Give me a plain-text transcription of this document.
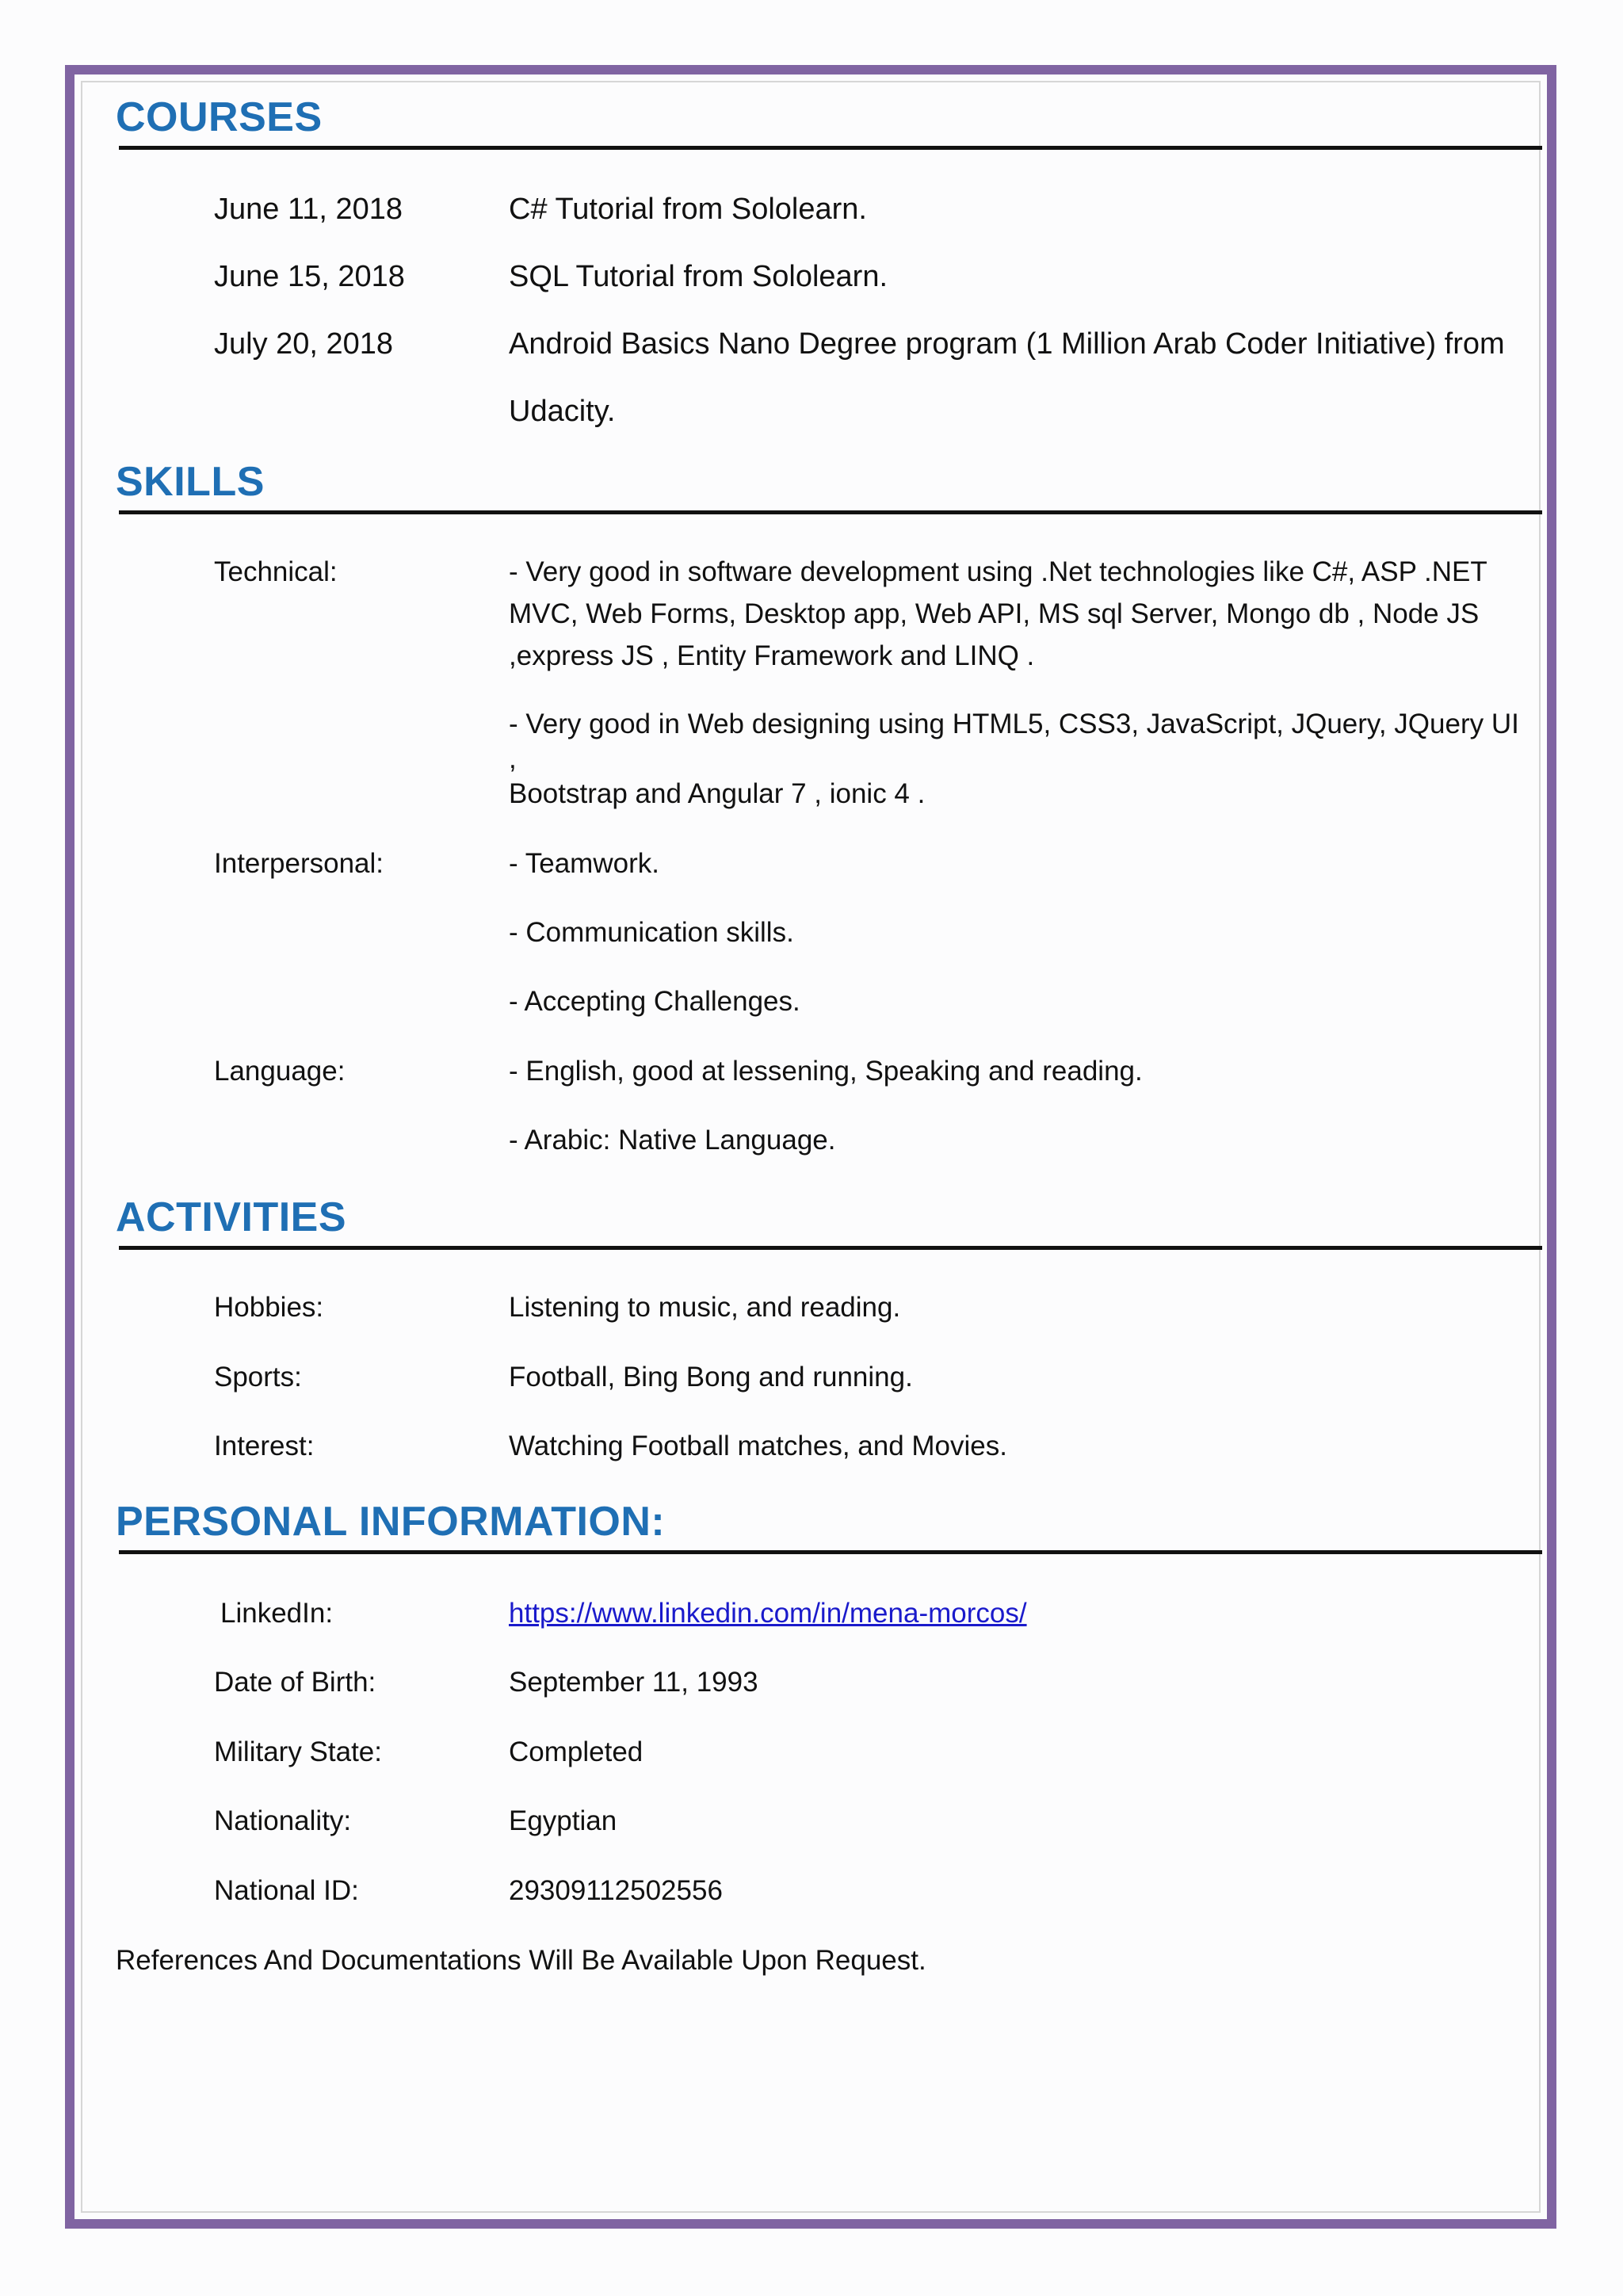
COURSES
June 11, 2018	C# Tutorial from Sololearn.
June 15, 2018	SQL Tutorial from Sololearn.
July 20, 2018	Android Basics Nano Degree program (1 Million Arab Coder Initiative) from
Udacity.
SKILLS
Technical:	- Very good in software development using .Net technologies like C#, ASP .NET
MVC, Web Forms, Desktop app, Web API, MS sql Server, Mongo db , Node JS
,express JS , Entity Framework and LINQ .
- Very good in Web designing using HTML5, CSS3, JavaScript, JQuery, JQuery UI ,
Bootstrap and Angular 7 , ionic 4 .
Interpersonal:	- Teamwork.
- Communication skills.
- Accepting Challenges.
Language:	- English, good at lessening, Speaking and reading.
- Arabic: Native Language.
ACTIVITIES
Hobbies:	Listening to music, and reading.
Sports:	Football, Bing Bong and running.
Interest:	Watching Football matches, and Movies.
PERSONAL INFORMATION:
LinkedIn:	https://www.linkedin.com/in/mena-morcos/
Date of Birth:	September 11, 1993
Military State:	Completed
Nationality:	Egyptian
National ID:	29309112502556
References And Documentations Will Be Available Upon Request.
